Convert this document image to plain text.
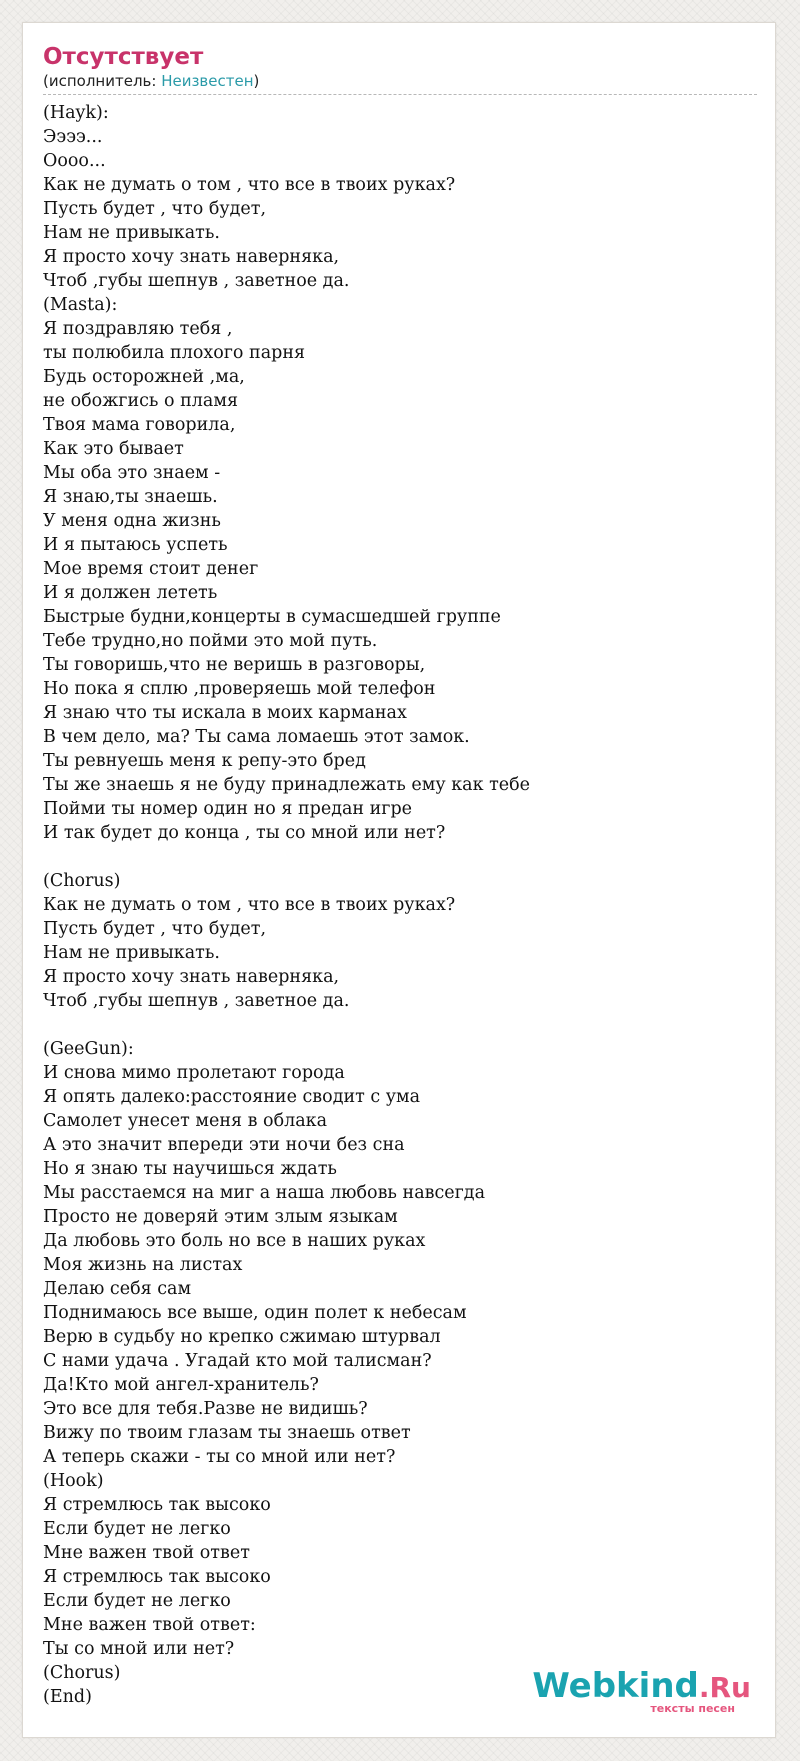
Отсутствует
(исполнитель: Неизвестен)
(Hayk):
Ээээ...
Оооо...
Как не думать о том , что все в твоих руках?
Пусть будет , что будет,
Нам не привыкать.
Я просто хочу знать наверняка,
Чтоб ,губы шепнув , заветное да.
(Masta):
Я поздравляю тебя ,
ты полюбила плохого парня
Будь осторожней ,ма,
не обожгись о пламя
Твоя мама говорила,
Как это бывает
Мы оба это знаем -
Я знаю,ты знаешь.
У меня одна жизнь
И я пытаюсь успеть
Мое время стоит денег
И я должен лететь
Быстрые будни,концерты в сумасшедшей группе
Тебе трудно,но пойми это мой путь.
Ты говоришь,что не веришь в разговоры,
Но пока я сплю ,проверяешь мой телефон
Я знаю что ты искала в моих карманах
В чем дело, ма? Ты сама ломаешь этот замок.
Ты ревнуешь меня к репу-это бред
Ты же знаешь я не буду принадлежать ему как тебе
Пойми ты номер один но я предан игре
И так будет до конца , ты со мной или нет?
(Chorus)
Как не думать о том , что все в твоих руках?
Пусть будет , что будет,
Нам не привыкать.
Я просто хочу знать наверняка,
Чтоб ,губы шепнув , заветное да.
(GeeGun):
И снова мимо пролетают города
Я опять далеко:расстояние сводит с ума
Самолет унесет меня в облака
А это значит впереди эти ночи без сна
Но я знаю ты научишься ждать
Мы расстаемся на миг а наша любовь навсегда
Просто не доверяй этим злым языкам
Да любовь это боль но все в наших руках
Моя жизнь на листах
Делаю себя сам
Поднимаюсь все выше, один полет к небесам
Верю в судьбу но крепко сжимаю штурвал
С нами удача . Угадай кто мой талисман?
Да!Кто мой ангел-хранитель?
Это все для тебя.Разве не видишь?
Вижу по твоим глазам ты знаешь ответ
А теперь скажи - ты со мной или нет?
(Hook)
Я стремлюсь так высоко
Если будет не легко
Мне важен твой ответ
Я стремлюсь так высоко
Если будет не легко
Мне важен твой ответ:
Ты со мной или нет?
(Chorus)
(End)	Webkind.Ru
тексты песен
